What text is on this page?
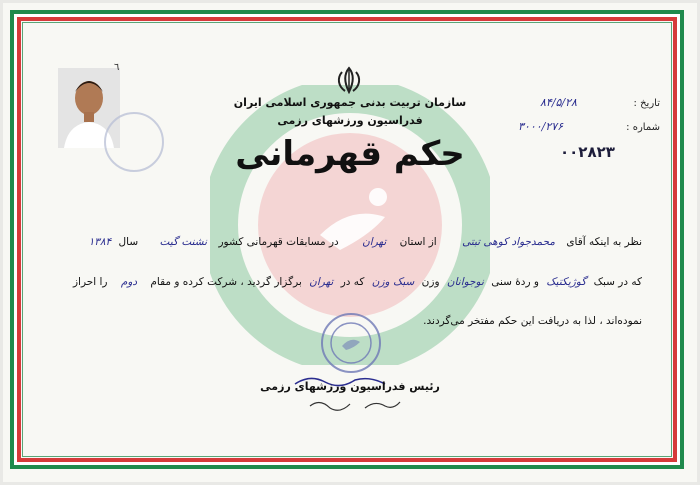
٦
سازمان تربیت بدنی جمهوری اسلامی ایران
فدراسیون ورزشهای رزمی
حکم قهرمانی
تاریخ :
۸۴/۵/۲۸
شماره :
۳۰۰۰/۲۷۶
۰۰۲۸۲۳
نظر به اینکه آقای محمدجواد کوهی تبتی از استان تهران در مسابقات قهرمانی کشور نشنت گیت سال ۱۳۸۴
که در سبک گوژیکتیک و ردهٔ سنی نوجوانان وزن سبک وزن که در تهران برگزار گردید ، شرکت کرده و مقام دوم را احراز
نموده‌اند ، لذا به دریافت این حکم مفتخر می‌گردند.
رئیس فدراسیون ورزشهای رزمی
